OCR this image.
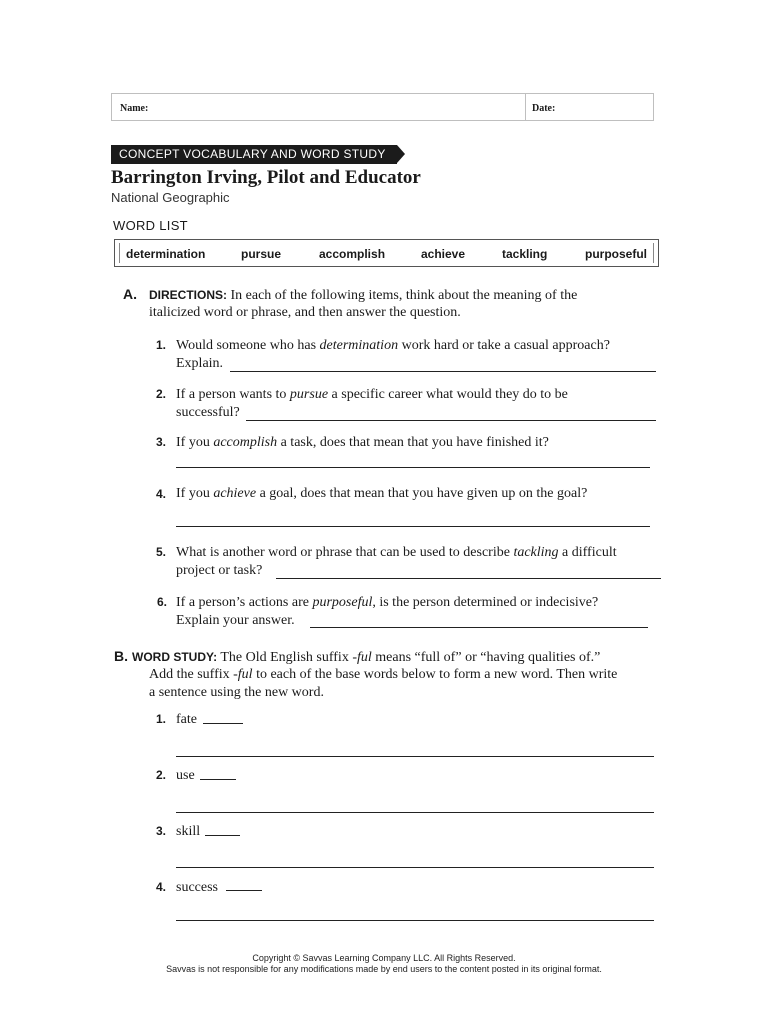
Name:	Date:
CONCEPT VOCABULARY AND WORD STUDY
Barrington Irving, Pilot and Educator
National Geographic
WORD LIST
determination	pursue	accomplish	achieve	tackling	purposeful
A. DIRECTIONS: In each of the following items, think about the meaning of the
italicized word or phrase, and then answer the question.
1. Would someone who has determination work hard or take a casual approach?
Explain.
2. If a person wants to pursue a specific career what would they do to be
successful?
3. If you accomplish a task, does that mean that you have finished it?
4. If you achieve a goal, does that mean that you have given up on the goal?
5. What is another word or phrase that can be used to describe tackling a difficult
project or task?
6. If a person’s actions are purposeful, is the person determined or indecisive?
Explain your answer.
B. WORD STUDY: The Old English suffix -ful means “full of” or “having qualities of.”
Add the suffix -ful to each of the base words below to form a new word. Then write
a sentence using the new word.
1. fate
2. use
3. skill
4. success
Copyright © Savvas Learning Company LLC. All Rights Reserved.
Savvas is not responsible for any modifications made by end users to the content posted in its original format.
